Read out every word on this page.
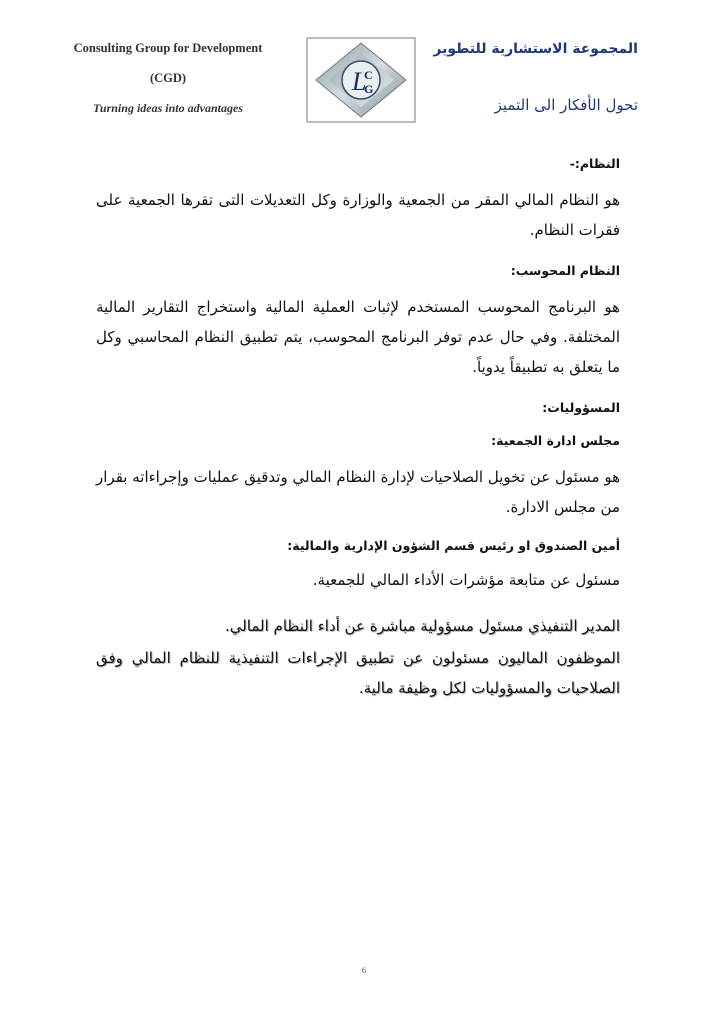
Consulting Group for Development
(CGD)
Turning ideas into advantages
L
C
G
المجموعة الاستشارية للتطوير
تحول الأفكار الى التميز

النظام:-

هو النظام المالي المقر من الجمعية والوزارة وكل التعديلات التى تقرها الجمعية على فقرات النظام.

النظام المحوسب:

هو البرنامج المحوسب المستخدم لإثبات العملية المالية واستخراج التقارير المالية المختلفة. وفي حال عدم توفر البرنامج المحوسب، يتم تطبيق النظام المحاسبي وكل ما يتعلق به تطبيقاً يدوياً.

المسؤوليات:

مجلس ادارة الجمعية:

هو مسئول عن تخويل الصلاحيات لإدارة النظام المالي وتدقيق عمليات وإجراءاته بقرار من مجلس الادارة.

أمين الصندوق او رئيس قسم الشؤون الإدارية والمالية:

مسئول عن متابعة مؤشرات الأداء المالي للجمعية.

المدير التنفيذي مسئول مسؤولية مباشرة عن أداء النظام المالي.

الموظفون الماليون مسئولون عن تطبيق الإجراءات التنفيذية للنظام المالي وفق الصلاحيات والمسؤوليات لكل وظيفة مالية.

6
